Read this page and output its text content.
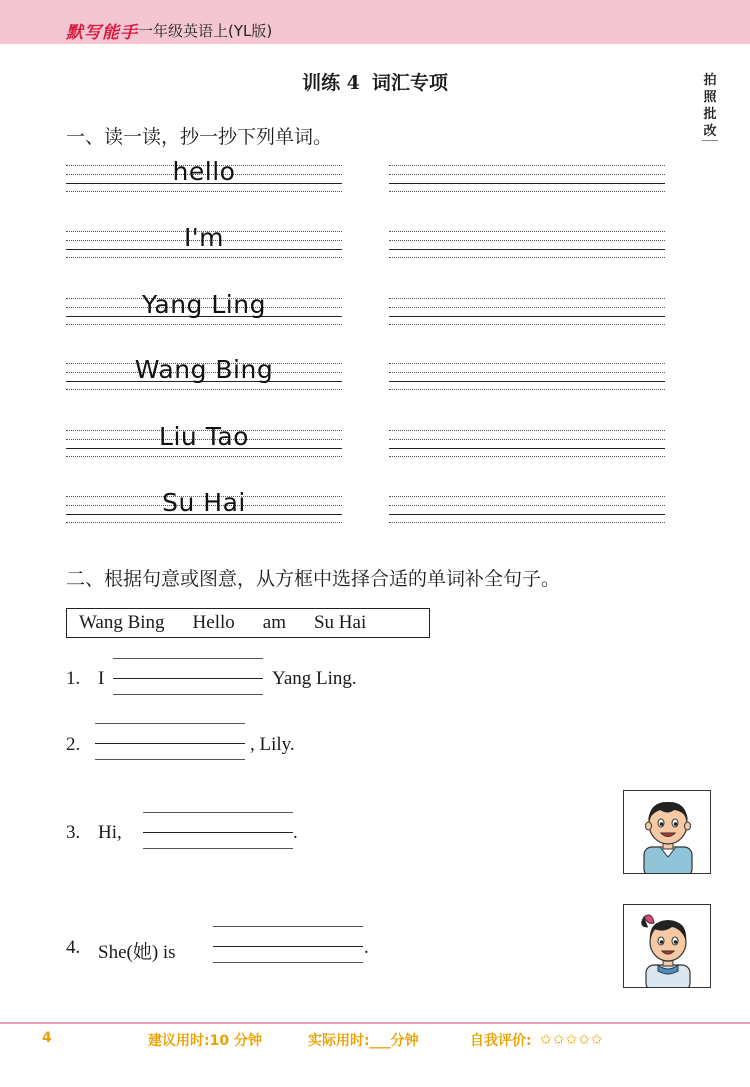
默写能手 一年级英语上(YL版)
拍照批改
训练 4 词汇专项
一、读一读，抄一抄下列单词。
hello
I'm
Yang Ling
Wang Bing
Liu Tao
Su Hai
二、根据句意或图意，从方框中选择合适的单词补全句子。
Wang Bing Hello am Su Hai
1. I	Yang Ling.
2.	, Lily.
3. Hi,	.
4. She(她) is	.
4	建议用时:10 分钟	实际用时:___分钟	自我评价: ✩✩✩✩✩
